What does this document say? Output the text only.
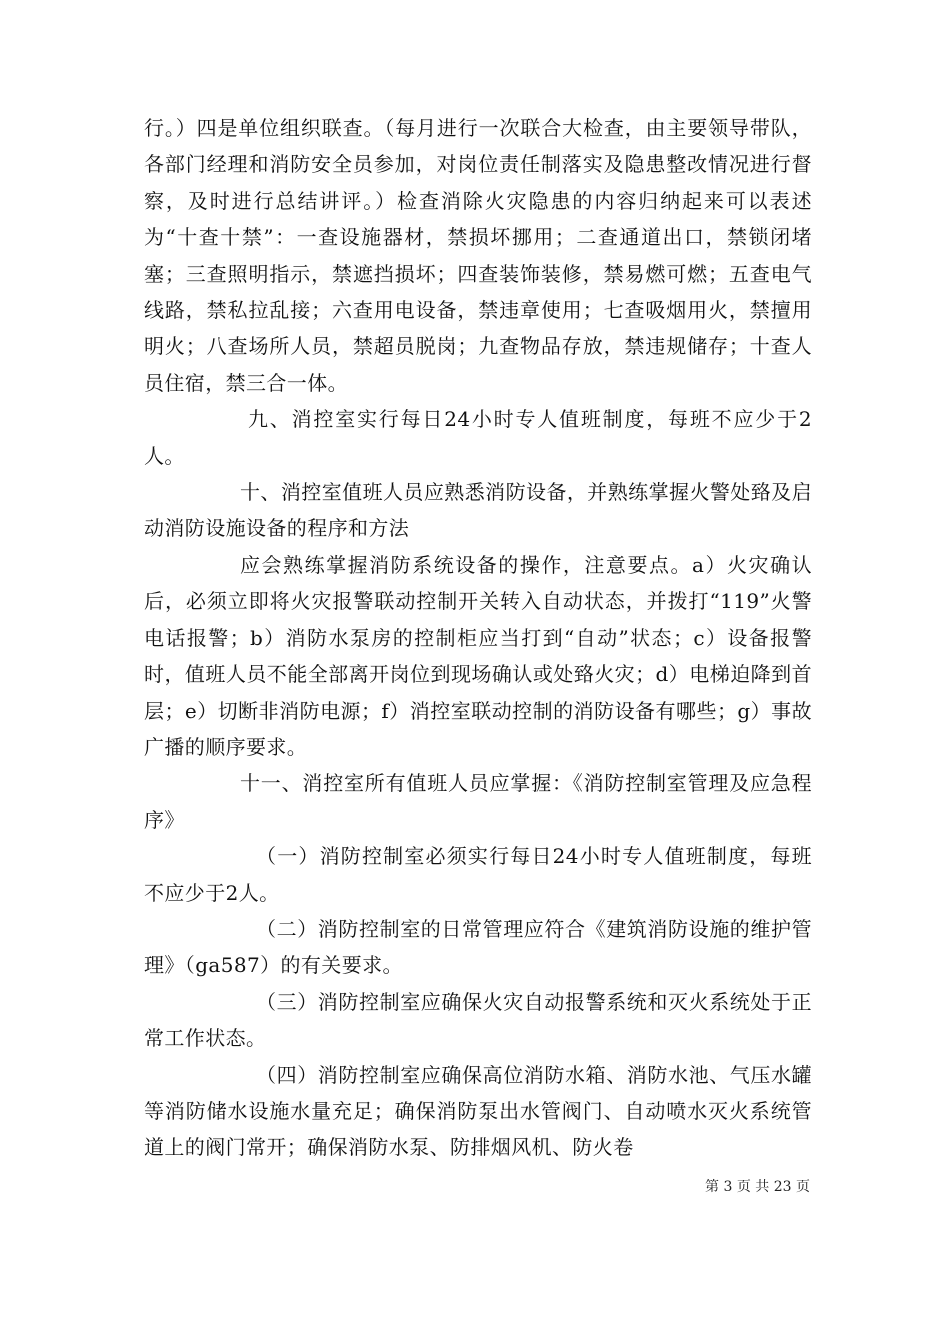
行。）四是单位组织联查。（每月进行一次联合大检查，由主要领导带队，各部门经理和消防安全员参加，对岗位责任制落实及隐患整改情况进行督察，及时进行总结讲评。）检查消除火灾隐患的内容归纳起来可以表述为“十查十禁”：一查设施器材，禁损坏挪用；二查通道出口，禁锁闭堵塞；三查照明指示，禁遮挡损坏；四查装饰装修，禁易燃可燃；五查电气线路，禁私拉乱接；六查用电设备，禁违章使用；七查吸烟用火，禁擅用明火；八查场所人员，禁超员脱岗；九查物品存放，禁违规储存；十查人员住宿，禁三合一体。

九、消控室实行每日24小时专人值班制度，每班不应少于2人。

十、消控室值班人员应熟悉消防设备，并熟练掌握火警处臵及启动消防设施设备的程序和方法

应会熟练掌握消防系统设备的操作，注意要点。a）火灾确认后，必须立即将火灾报警联动控制开关转入自动状态，并拨打“119”火警电话报警；b）消防水泵房的控制柜应当打到“自动”状态；c）设备报警时，值班人员不能全部离开岗位到现场确认或处臵火灾；d）电梯迫降到首层；e）切断非消防电源；f）消控室联动控制的消防设备有哪些；g）事故广播的顺序要求。

十一、消控室所有值班人员应掌握：《消防控制室管理及应急程序》

（一）消防控制室必须实行每日24小时专人值班制度，每班不应少于2人。

（二）消防控制室的日常管理应符合《建筑消防设施的维护管理》（ga587）的有关要求。

（三）消防控制室应确保火灾自动报警系统和灭火系统处于正常工作状态。

（四）消防控制室应确保高位消防水箱、消防水池、气压水罐等消防储水设施水量充足；确保消防泵出水管阀门、自动喷水灭火系统管道上的阀门常开；确保消防水泵、防排烟风机、防火卷

第 3 页 共 23 页
